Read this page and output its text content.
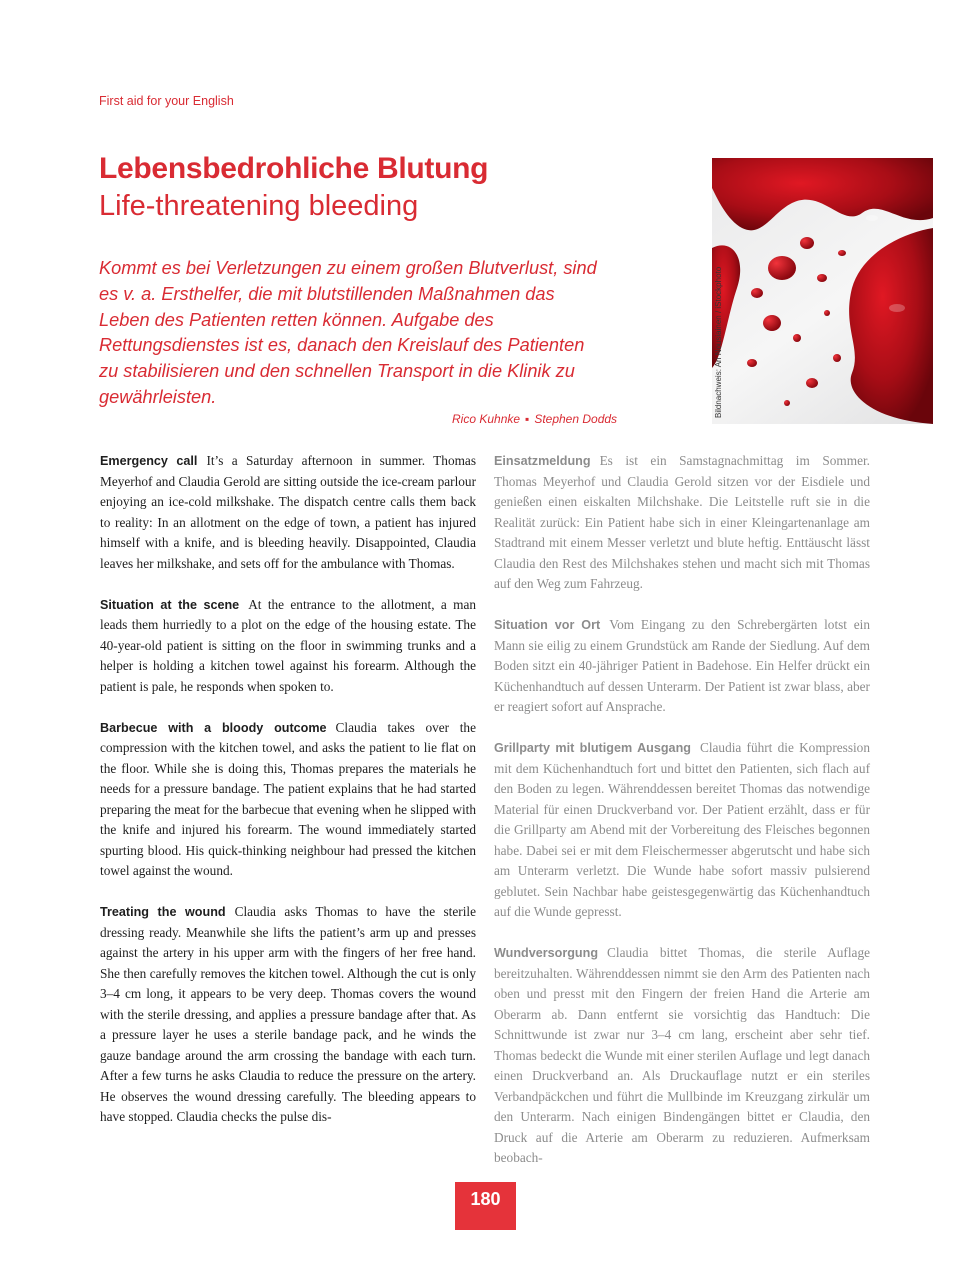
First aid for your English
Lebensbedrohliche Blutung
Life-threatening bleeding

Kommt es bei Verletzungen zu einem großen Blutverlust, sind es v. a. Ersthelfer, die mit blutstillenden Maßnahmen das Leben des Patienten retten können. Aufgabe des Rettungsdienstes ist es, danach den Kreislauf des Patienten zu stabilisieren und den schnellen Transport in die Klinik zu gewährleisten.

Rico Kuhnke ▪ Stephen Dodds
Bildnachweis: Ari Nousiainen / iStockphoto

Emergency call It’s a Saturday afternoon in summer. Thomas Meyerhof and Claudia Gerold are sitting outside the ice-cream parlour enjoying an ice-cold milkshake. The dispatch centre calls them back to reality: In an allotment on the edge of town, a patient has injured himself with a knife, and is bleeding heavily. Disappointed, Claudia leaves her milkshake, and sets off for the ambulance with Thomas.

Situation at the scene At the entrance to the allotment, a man leads them hurriedly to a plot on the edge of the housing estate. The 40-year-old patient is sitting on the floor in swimming trunks and a helper is holding a kitchen towel against his forearm. Although the patient is pale, he responds when spoken to.

Barbecue with a bloody outcome Claudia takes over the compression with the kitchen towel, and asks the patient to lie flat on the floor. While she is doing this, Thomas prepares the materials he needs for a pressure bandage. The patient explains that he had started preparing the meat for the barbecue that evening when he slipped with the knife and injured his forearm. The wound immediately started spurting blood. His quick-thinking neighbour had pressed the kitchen towel against the wound.

Treating the wound Claudia asks Thomas to have the sterile dressing ready. Meanwhile she lifts the patient’s arm up and presses against the artery in his upper arm with the fingers of her free hand. She then carefully removes the kitchen towel. Although the cut is only 3–4 cm long, it appears to be very deep. Thomas covers the wound with the sterile dressing, and applies a pressure bandage after that. As a pressure layer he uses a sterile bandage pack, and he winds the gauze bandage around the arm crossing the bandage with each turn. After a few turns he asks Claudia to reduce the pressure on the artery. He observes the wound dressing carefully. The bleeding appears to have stopped. Claudia checks the pulse dis-

Einsatzmeldung Es ist ein Samstagnachmittag im Sommer. Thomas Meyerhof und Claudia Gerold sitzen vor der Eisdiele und genießen einen eiskalten Milchshake. Die Leitstelle ruft sie in die Realität zurück: Ein Patient habe sich in einer Kleingartenanlage am Stadtrand mit einem Messer verletzt und blute heftig. Enttäuscht lässt Claudia den Rest des Milchshakes stehen und macht sich mit Thomas auf den Weg zum Fahrzeug.

Situation vor Ort Vom Eingang zu den Schrebergärten lotst ein Mann sie eilig zu einem Grundstück am Rande der Siedlung. Auf dem Boden sitzt ein 40-jähriger Patient in Badehose. Ein Helfer drückt ein Küchenhandtuch auf dessen Unterarm. Der Patient ist zwar blass, aber er reagiert sofort auf Ansprache.

Grillparty mit blutigem Ausgang Claudia führt die Kompression mit dem Küchenhandtuch fort und bittet den Patienten, sich flach auf den Boden zu legen. Währenddessen bereitet Thomas das notwendige Material für einen Druckverband vor. Der Patient erzählt, dass er für die Grillparty am Abend mit der Vorbereitung des Fleisches begonnen habe. Dabei sei er mit dem Fleischermesser abgerutscht und habe sich am Unterarm verletzt. Die Wunde habe sofort massiv pulsierend geblutet. Sein Nachbar habe geistesgegenwärtig das Küchenhandtuch auf die Wunde gepresst.

Wundversorgung Claudia bittet Thomas, die sterile Auflage bereitzuhalten. Währenddessen nimmt sie den Arm des Patienten nach oben und presst mit den Fingern der freien Hand die Arterie am Oberarm ab. Dann entfernt sie vorsichtig das Handtuch: Die Schnittwunde ist zwar nur 3–4 cm lang, erscheint aber sehr tief. Thomas bedeckt die Wunde mit einer sterilen Auflage und legt danach einen Druckverband an. Als Druckauflage nutzt er ein steriles Verbandpäckchen und führt die Mullbinde im Kreuzgang zirkulär um den Unterarm. Nach einigen Bindengängen bittet er Claudia, den Druck auf die Arterie am Oberarm zu reduzieren. Aufmerksam beobach-

180
